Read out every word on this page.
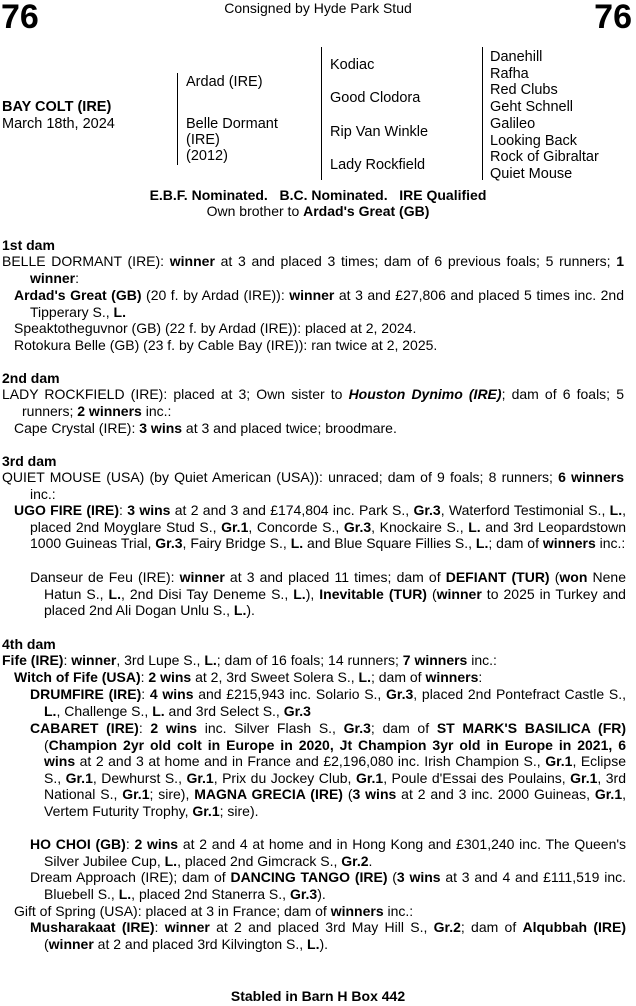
76	Consigned by Hyde Park Stud	76
BAY COLT (IRE)
March 18th, 2024
Ardad (IRE)
Belle Dormant
(IRE)
(2012)
Kodiac
Good Clodora
Rip Van Winkle
Lady Rockfield
Danehill
Rafha
Red Clubs
Geht Schnell
Galileo
Looking Back
Rock of Gibraltar
Quiet Mouse
E.B.F. Nominated.   B.C. Nominated.   IRE Qualified
Own brother to Ardad's Great (GB)
1st dam
BELLE DORMANT (IRE): winner at 3 and placed 3 times; dam of 6 previous foals; 5 runners; 1 winner:
Ardad's Great (GB) (20 f. by Ardad (IRE)): winner at 3 and £27,806 and placed 5 times inc. 2nd Tipperary S., L.
Speaktotheguvnor (GB) (22 f. by Ardad (IRE)): placed at 2, 2024.
Rotokura Belle (GB) (23 f. by Cable Bay (IRE)): ran twice at 2, 2025.
2nd dam
LADY ROCKFIELD (IRE): placed at 3; Own sister to Houston Dynimo (IRE); dam of 6 foals; 5 runners; 2 winners inc.:
Cape Crystal (IRE): 3 wins at 3 and placed twice; broodmare.
3rd dam
QUIET MOUSE (USA) (by Quiet American (USA)): unraced; dam of 9 foals; 8 runners; 6 winners inc.:
UGO FIRE (IRE): 3 wins at 2 and 3 and £174,804 inc. Park S., Gr.3, Waterford Testimonial S., L., placed 2nd Moyglare Stud S., Gr.1, Concorde S., Gr.3, Knockaire S., L. and 3rd Leopardstown 1000 Guineas Trial, Gr.3, Fairy Bridge S., L. and Blue Square Fillies S., L.; dam of winners inc.:
Danseur de Feu (IRE): winner at 3 and placed 11 times; dam of DEFIANT (TUR) (won Nene Hatun S., L., 2nd Disi Tay Deneme S., L.), Inevitable (TUR) (winner to 2025 in Turkey and placed 2nd Ali Dogan Unlu S., L.).
4th dam
Fife (IRE): winner, 3rd Lupe S., L.; dam of 16 foals; 14 runners; 7 winners inc.:
Witch of Fife (USA): 2 wins at 2, 3rd Sweet Solera S., L.; dam of winners:
DRUMFIRE (IRE): 4 wins and £215,943 inc. Solario S., Gr.3, placed 2nd Pontefract Castle S., L., Challenge S., L. and 3rd Select S., Gr.3
CABARET (IRE): 2 wins inc. Silver Flash S., Gr.3; dam of ST MARK'S BASILICA (FR) (Champion 2yr old colt in Europe in 2020, Jt Champion 3yr old in Europe in 2021, 6 wins at 2 and 3 at home and in France and £2,196,080 inc. Irish Champion S., Gr.1, Eclipse S., Gr.1, Dewhurst S., Gr.1, Prix du Jockey Club, Gr.1, Poule d'Essai des Poulains, Gr.1, 3rd National S., Gr.1; sire), MAGNA GRECIA (IRE) (3 wins at 2 and 3 inc. 2000 Guineas, Gr.1, Vertem Futurity Trophy, Gr.1; sire).
HO CHOI (GB): 2 wins at 2 and 4 at home and in Hong Kong and £301,240 inc. The Queen's Silver Jubilee Cup, L., placed 2nd Gimcrack S., Gr.2.
Dream Approach (IRE); dam of DANCING TANGO (IRE) (3 wins at 3 and 4 and £111,519 inc. Bluebell S., L., placed 2nd Stanerra S., Gr.3).
Gift of Spring (USA): placed at 3 in France; dam of winners inc.:
Musharakaat (IRE): winner at 2 and placed 3rd May Hill S., Gr.2; dam of Alqubbah (IRE) (winner at 2 and placed 3rd Kilvington S., L.).
Stabled in Barn H Box 442
